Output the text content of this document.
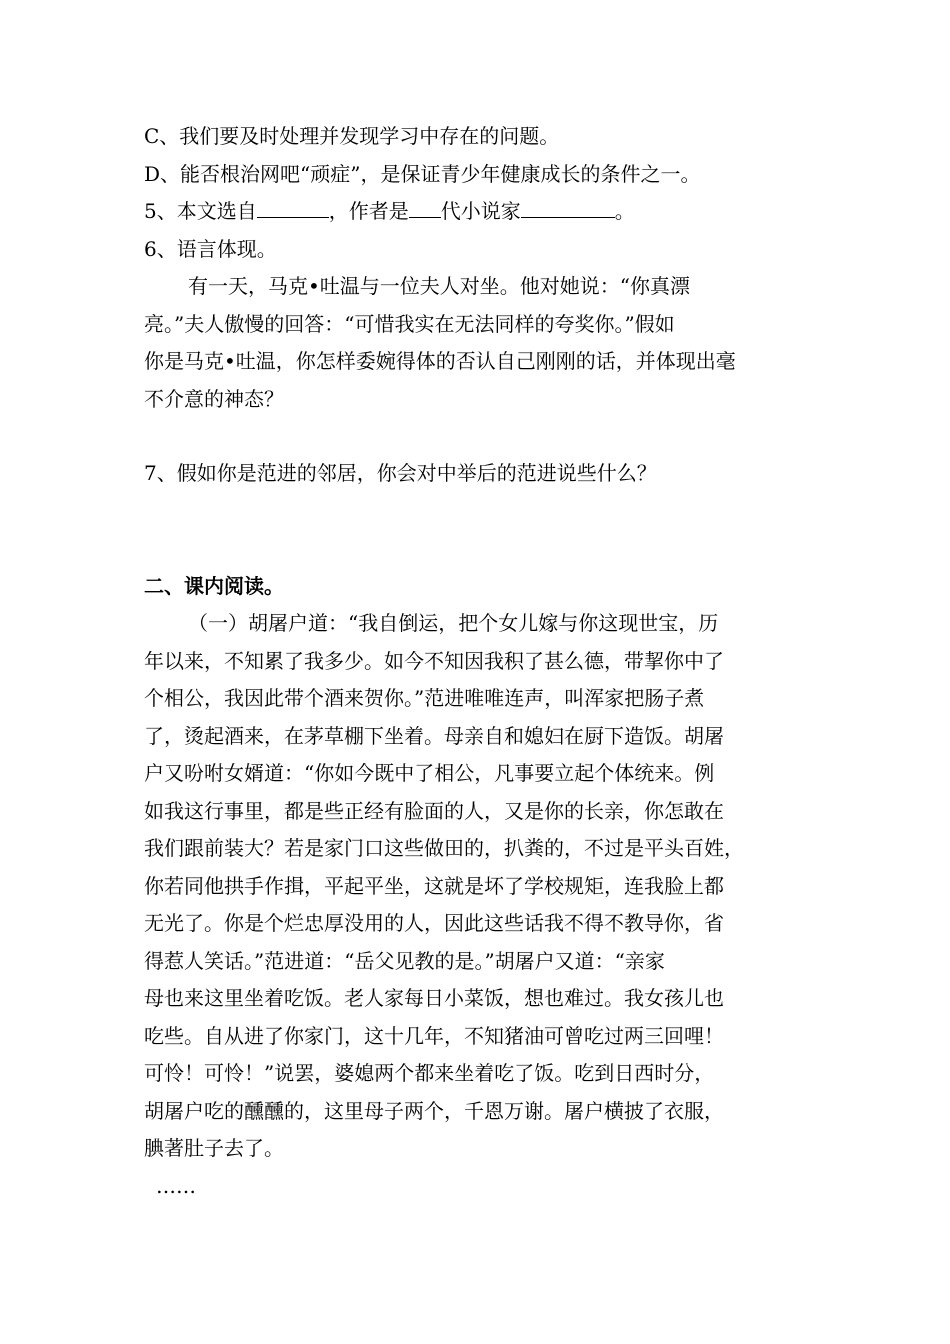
C、我们要及时处理并发现学习中存在的问题。
D、能否根治网吧“顽症”，是保证青少年健康成长的条件之一。
5、本文选自	，作者是 代小说家	。
6、语言体现。
有一天，马克•吐温与一位夫人对坐。他对她说：“你真漂
亮。”夫人傲慢的回答：“可惜我实在无法同样的夸奖你。”假如
你是马克•吐温，你怎样委婉得体的否认自己刚刚的话，并体现出毫
不介意的神态？
7、假如你是范进的邻居，你会对中举后的范进说些什么？
二、课内阅读。
（一）胡屠户道：“我自倒运，把个女儿嫁与你这现世宝，历
年以来，不知累了我多少。如今不知因我积了甚么德，带挈你中了
个相公，我因此带个酒来贺你。”范进唯唯连声，叫浑家把肠子煮
了，烫起酒来，在茅草棚下坐着。母亲自和媳妇在厨下造饭。胡屠
户又吩咐女婿道：“你如今既中了相公，凡事要立起个体统来。例
如我这行事里，都是些正经有脸面的人，又是你的长亲，你怎敢在
我们跟前装大？若是家门口这些做田的，扒粪的，不过是平头百姓，
你若同他拱手作揖，平起平坐，这就是坏了学校规矩，连我脸上都
无光了。你是个烂忠厚没用的人，因此这些话我不得不教导你，省
得惹人笑话。”范进道：“岳父见教的是。”胡屠户又道：“亲家
母也来这里坐着吃饭。老人家每日小菜饭，想也难过。我女孩儿也
吃些。自从进了你家门，这十几年，不知猪油可曾吃过两三回哩！
可怜！可怜！”说罢，婆媳两个都来坐着吃了饭。吃到日西时分，
胡屠户吃的醺醺的，这里母子两个，千恩万谢。屠户横披了衣服，
腆著肚子去了。
……
